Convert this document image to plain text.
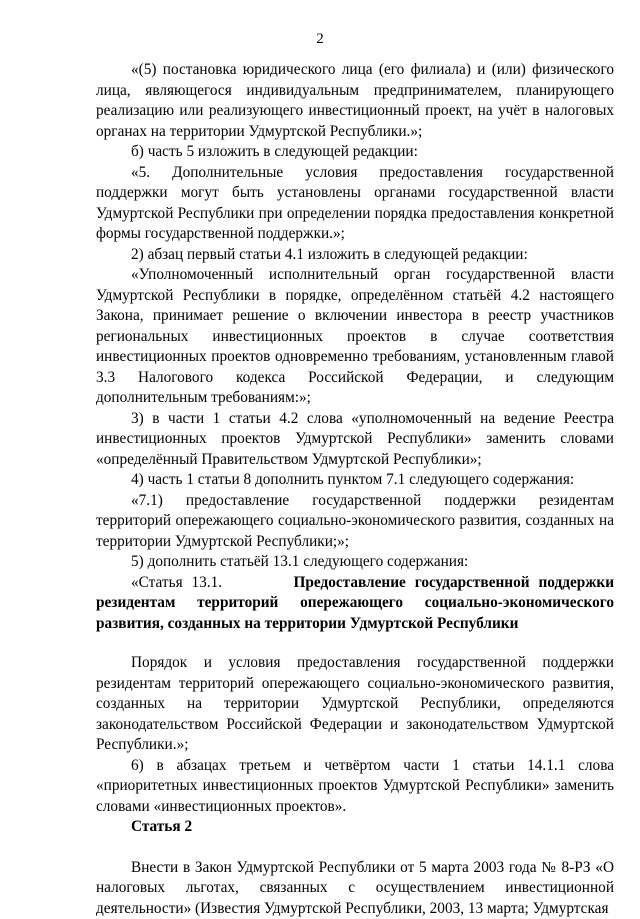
2

«(5) постановка юридического лица (его филиала) и (или) физического лица, являющегося индивидуальным предпринимателем, планирующего реализацию или реализующего инвестиционный проект, на учёт в налоговых органах на территории Удмуртской Республики.»;

б) часть 5 изложить в следующей редакции:

«5. Дополнительные условия предоставления государственной поддержки могут быть установлены органами государственной власти Удмуртской Республики при определении порядка предоставления конкретной формы государственной поддержки.»;

2) абзац первый статьи 4.1 изложить в следующей редакции:

«Уполномоченный исполнительный орган государственной власти Удмуртской Республики в порядке, определённом статьёй 4.2 настоящего Закона, принимает решение о включении инвестора в реестр участников региональных инвестиционных проектов в случае соответствия инвестиционных проектов одновременно требованиям, установленным главой 3.3 Налогового кодекса Российской Федерации, и следующим дополнительным требованиям:»;

3) в части 1 статьи 4.2 слова «уполномоченный на ведение Реестра инвестиционных проектов Удмуртской Республики» заменить словами «определённый Правительством Удмуртской Республики»;

4) часть 1 статьи 8 дополнить пунктом 7.1 следующего содержания:

«7.1) предоставление государственной поддержки резидентам территорий опережающего социально-экономического развития, созданных на территории Удмуртской Республики;»;

5) дополнить статьёй 13.1 следующего содержания:

«Статья 13.1.	Предоставление государственной поддержки резидентам территорий опережающего социально-экономического развития, созданных на территории Удмуртской Республики

Порядок и условия предоставления государственной поддержки резидентам территорий опережающего социально-экономического развития, созданных на территории Удмуртской Республики, определяются законодательством Российской Федерации и законодательством Удмуртской Республики.»;

6) в абзацах третьем и четвёртом части 1 статьи 14.1.1 слова «приоритетных инвестиционных проектов Удмуртской Республики» заменить словами «инвестиционных проектов».

Статья 2

Внести в Закон Удмуртской Республики от 5 марта 2003 года № 8-РЗ «О налоговых льготах, связанных с осуществлением инвестиционной деятельности» (Известия Удмуртской Республики, 2003, 13 марта; Удмуртская
